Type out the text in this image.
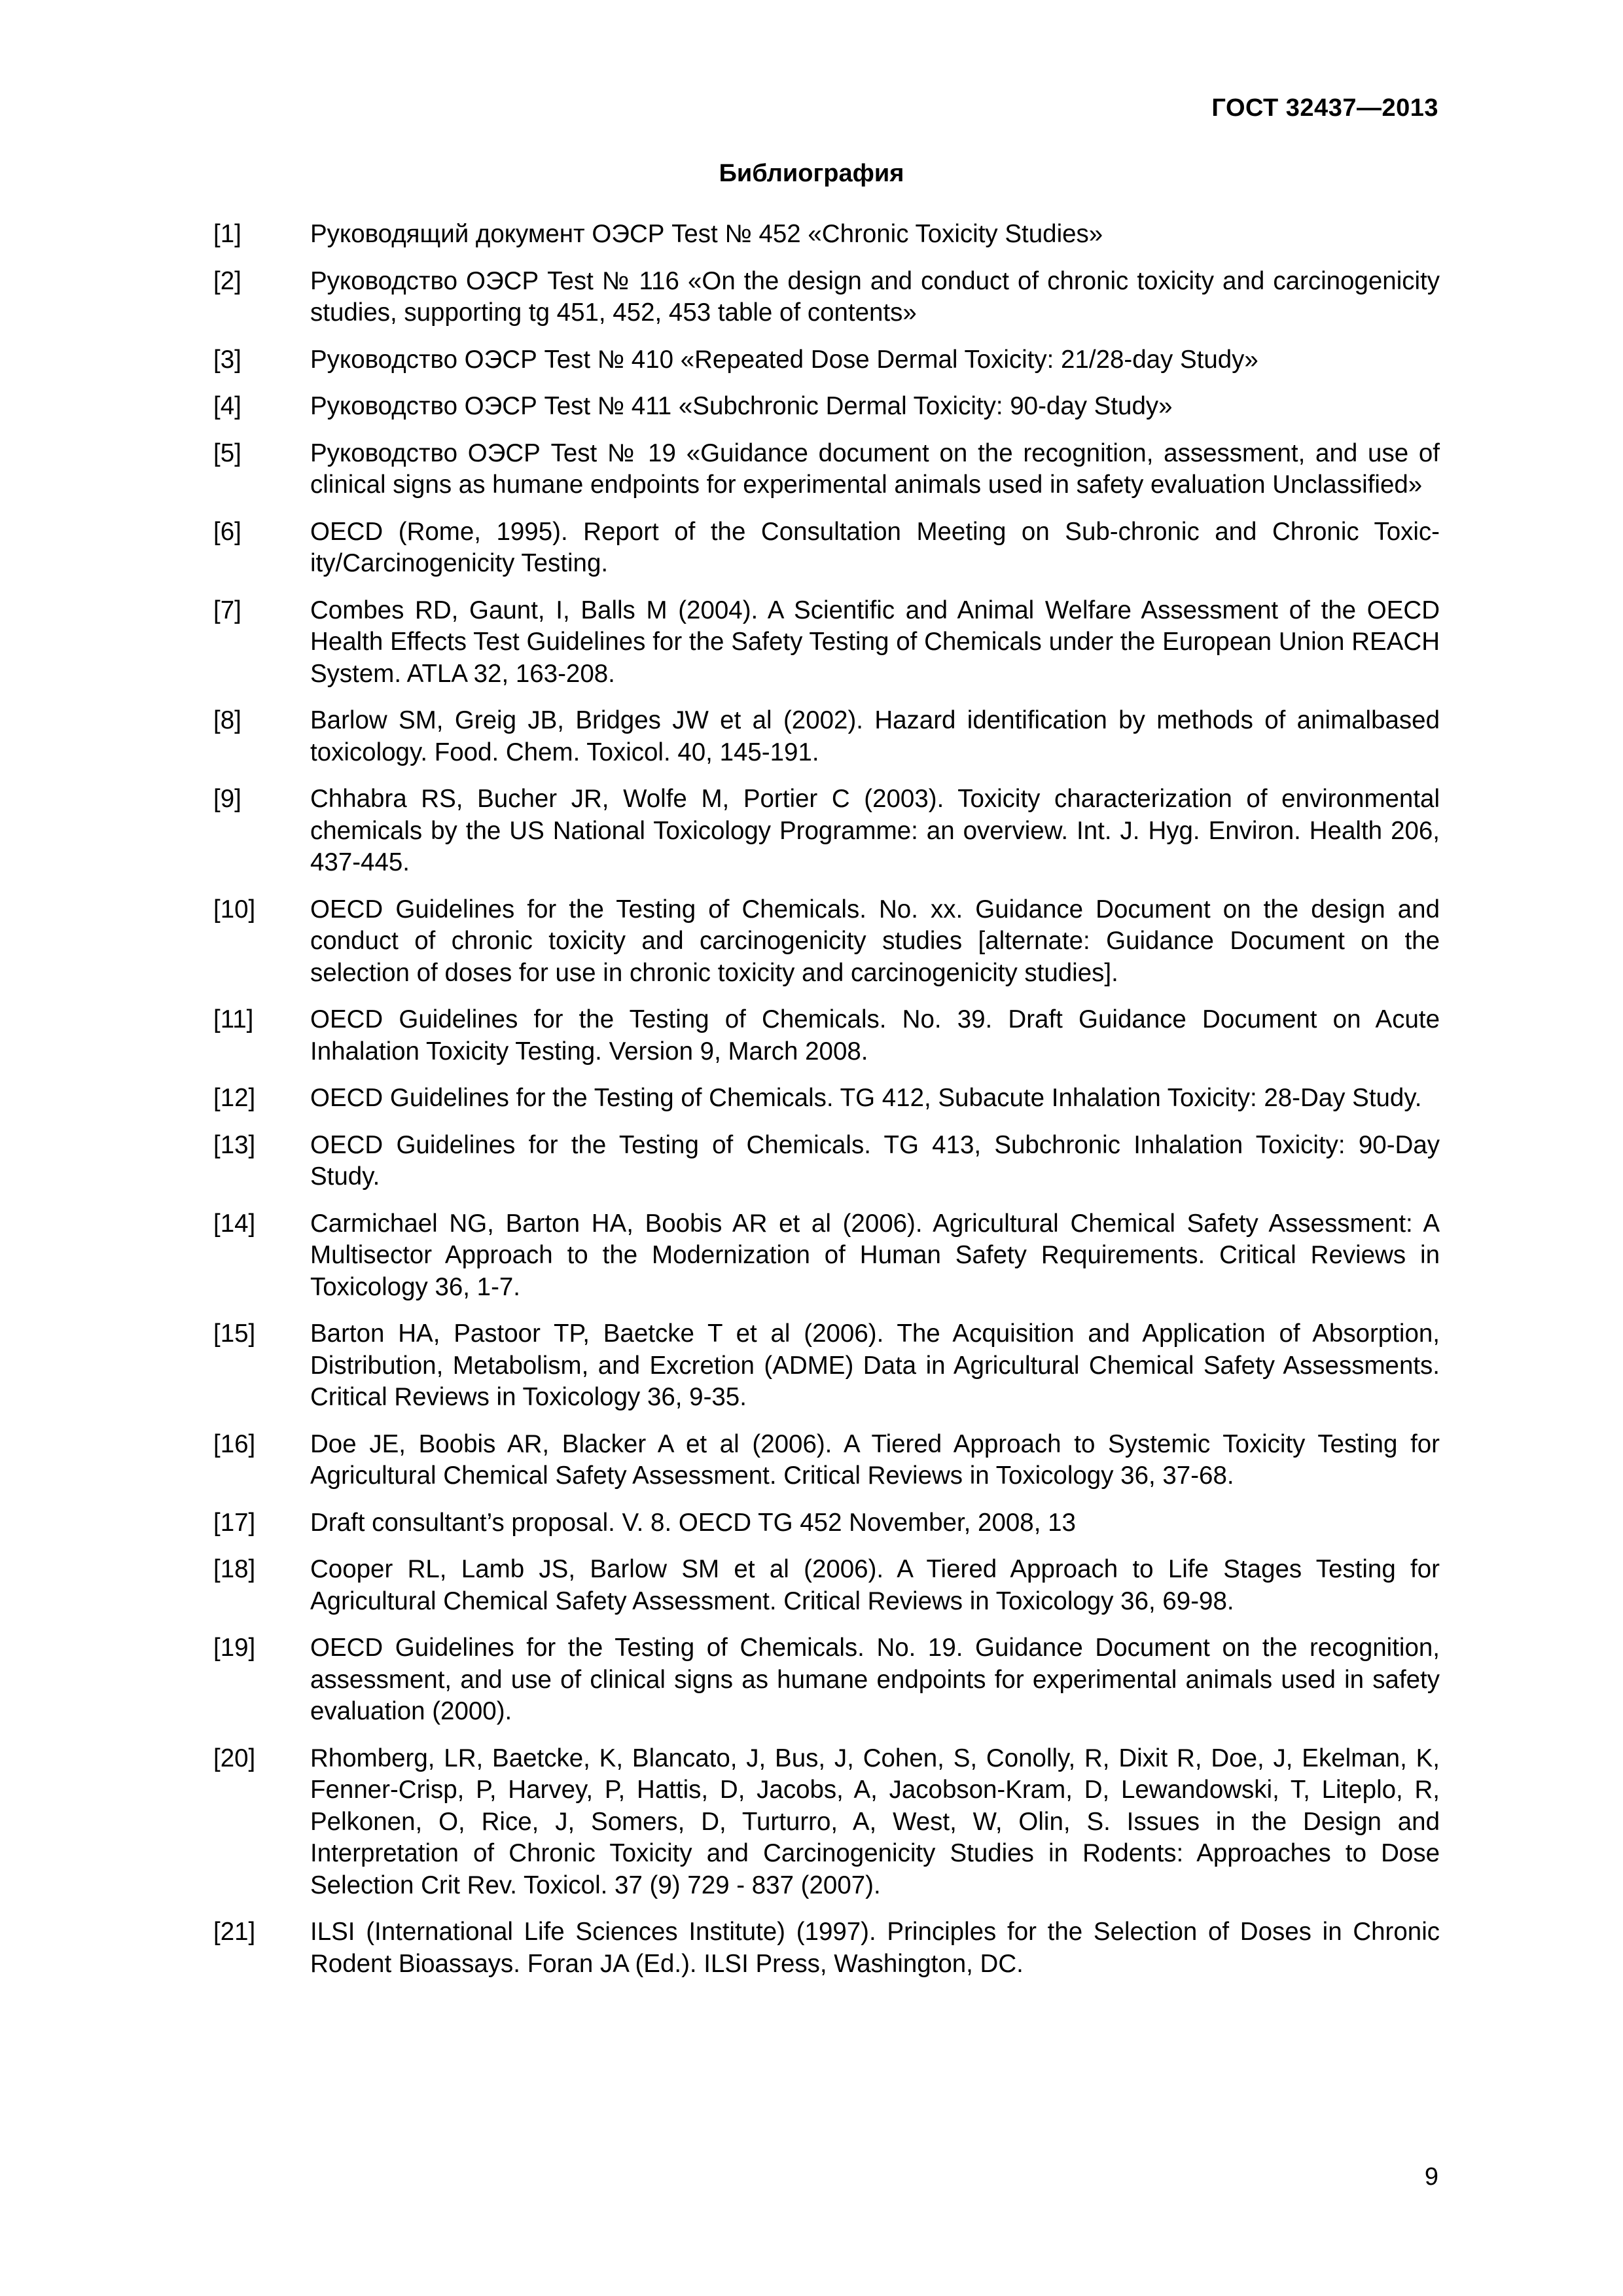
ГОСТ 32437—2013
Библиография
[1]	Руководящий документ ОЭСР Test № 452 «Chronic Toxicity Studies»
[2]	Руководство ОЭСР Test № 116 «On the design and conduct of chronic toxicity and carcinogenicity studies, supporting tg 451, 452, 453 table of contents»
[3]	Руководство ОЭСР Test № 410 «Repeated Dose Dermal Toxicity: 21/28-day Study»
[4]	Руководство ОЭСР Test № 411 «Subchronic Dermal Toxicity: 90-day Study»
[5]	Руководство ОЭСР Test № 19 «Guidance document on the recognition, assessment, and use of clinical signs as humane endpoints for experimental animals used in safety evaluation Unclassified»
[6]	OECD (Rome, 1995). Report of the Consultation Meeting on Sub-chronic and Chronic Toxicity/Carcinogenicity Testing.
[7]	Combes RD, Gaunt, I, Balls M (2004). A Scientific and Animal Welfare Assessment of the OECD Health Effects Test Guidelines for the Safety Testing of Chemicals under the European Union REACH System. ATLA 32, 163-208.
[8]	Barlow SM, Greig JB, Bridges JW et al (2002). Hazard identification by methods of animalbased toxicology. Food. Chem. Toxicol. 40, 145-191.
[9]	Chhabra RS, Bucher JR, Wolfe M, Portier C (2003). Toxicity characterization of environmental chemicals by the US National Toxicology Programme: an overview. Int. J. Hyg. Environ. Health 206, 437-445.
[10]	OECD Guidelines for the Testing of Chemicals. No. xx. Guidance Document on the design and conduct of chronic toxicity and carcinogenicity studies [alternate: Guidance Document on the selection of doses for use in chronic toxicity and carcinogenicity studies].
[11]	OECD Guidelines for the Testing of Chemicals. No. 39. Draft Guidance Document on Acute Inhalation Toxicity Testing. Version 9, March 2008.
[12]	OECD Guidelines for the Testing of Chemicals. TG 412, Subacute Inhalation Toxicity: 28-Day Study.
[13]	OECD Guidelines for the Testing of Chemicals. TG 413, Subchronic Inhalation Toxicity: 90-Day Study.
[14]	Carmichael NG, Barton HA, Boobis AR et al (2006). Agricultural Chemical Safety Assessment: A Multisector Approach to the Modernization of Human Safety Requirements. Critical Reviews in Toxicology 36, 1-7.
[15]	Barton HA, Pastoor TP, Baetcke T et al (2006). The Acquisition and Application of Absorption, Distribution, Metabolism, and Excretion (ADME) Data in Agricultural Chemical Safety Assessments. Critical Reviews in Toxicology 36, 9-35.
[16]	Doe JE, Boobis AR, Blacker A et al (2006). A Tiered Approach to Systemic Toxicity Testing for Agricultural Chemical Safety Assessment. Critical Reviews in Toxicology 36, 37-68.
[17]	Draft consultant’s proposal. V. 8. OECD TG 452 November, 2008, 13
[18]	Cooper RL, Lamb JS, Barlow SM et al (2006). A Tiered Approach to Life Stages Testing for Agricultural Chemical Safety Assessment. Critical Reviews in Toxicology 36, 69-98.
[19]	OECD Guidelines for the Testing of Chemicals. No. 19. Guidance Document on the recognition, assessment, and use of clinical signs as humane endpoints for experimental animals used in safety evaluation (2000).
[20]	Rhomberg, LR, Baetcke, K, Blancato, J, Bus, J, Cohen, S, Conolly, R, Dixit R, Doe, J, Ekelman, K, Fenner-Crisp, P, Harvey, P, Hattis, D, Jacobs, A, Jacobson-Kram, D, Lewandowski, T, Liteplo, R, Pelkonen, O, Rice, J, Somers, D, Turturro, A, West, W, Olin, S. Issues in the Design and Interpretation of Chronic Toxicity and Carcinogenicity Studies in Rodents: Approaches to Dose Selection Crit Rev. Toxicol. 37 (9) 729 - 837 (2007).
[21]	ILSI (International Life Sciences Institute) (1997). Principles for the Selection of Doses in Chronic Rodent Bioassays. Foran JA (Ed.). ILSI Press, Washington, DC.
9
